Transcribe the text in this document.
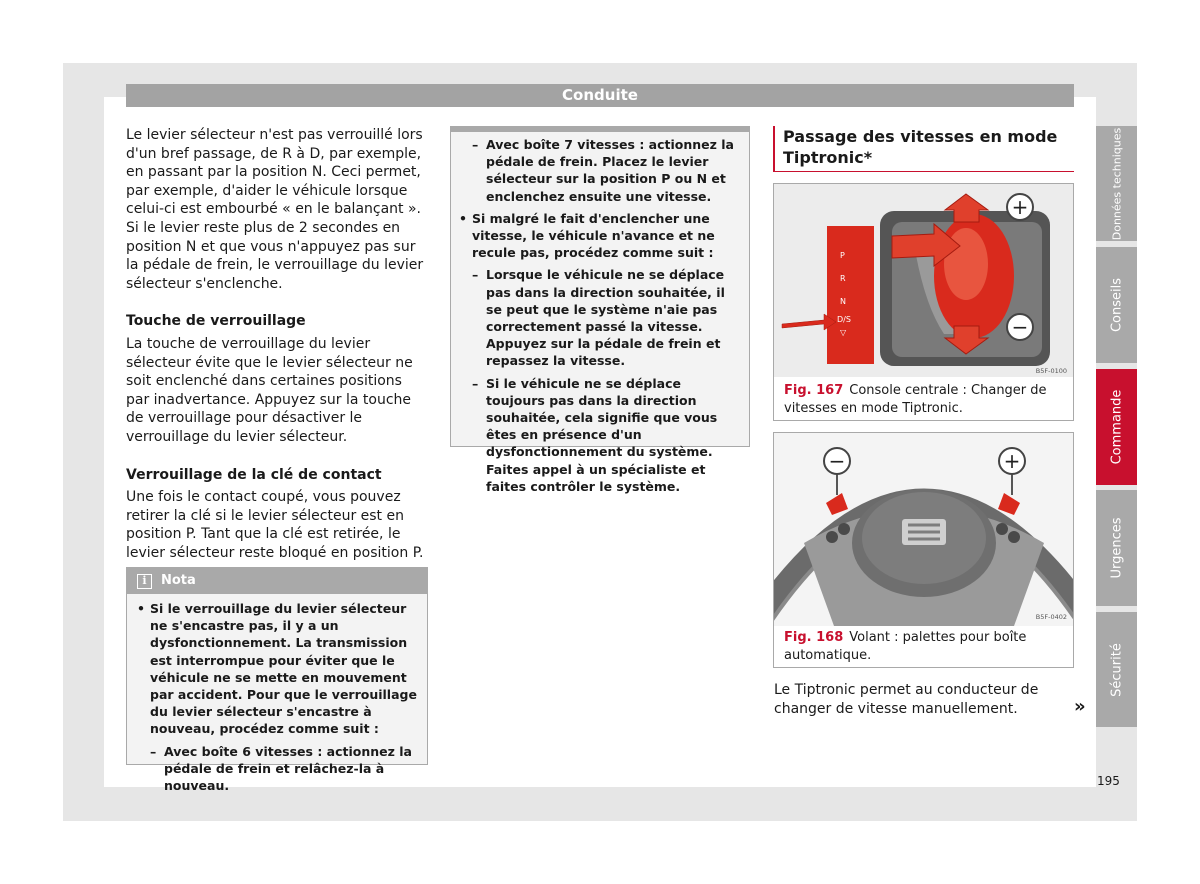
Conduite

Le levier sélecteur n'est pas verrouillé lors d'un bref passage, de R à D, par exemple, en passant par la position N. Ceci permet, par exemple, d'aider le véhicule lorsque celui-ci est embourbé « en le balançant ». Si le levier reste plus de 2 secondes en position N et que vous n'appuyez pas sur la pédale de frein, le verrouillage du levier sélecteur s'enclenche.

Touche de verrouillage

La touche de verrouillage du levier sélecteur évite que le levier sélecteur ne soit enclenché dans certaines positions par inadvertance. Appuyez sur la touche de verrouillage pour désactiver le verrouillage du levier sélecteur.

Verrouillage de la clé de contact

Une fois le contact coupé, vous pouvez retirer la clé si le levier sélecteur est en position P. Tant que la clé est retirée, le levier sélecteur reste bloqué en position P.

i	Nota
• Si le verrouillage du levier sélecteur ne s'encastre pas, il y a un dysfonctionnement. La transmission est interrompue pour éviter que le véhicule ne se mette en mouvement par accident. Pour que le verrouillage du levier sélecteur s'encastre à nouveau, procédez comme suit :
– Avec boîte 6 vitesses : actionnez la pédale de frein et relâchez-la à nouveau.
– Avec boîte 7 vitesses : actionnez la pédale de frein. Placez le levier sélecteur sur la position P ou N et enclenchez ensuite une vitesse.
• Si malgré le fait d'enclencher une vitesse, le véhicule n'avance et ne recule pas, procédez comme suit :
– Lorsque le véhicule ne se déplace pas dans la direction souhaitée, il se peut que le système n'aie pas correctement passé la vitesse. Appuyez sur la pédale de frein et repassez la vitesse.
– Si le véhicule ne se déplace toujours pas dans la direction souhaitée, cela signifie que vous êtes en présence d'un dysfonctionnement du système. Faites appel à un spécialiste et faites contrôler le système.
Passage des vitesses en mode Tiptronic*
P
R
N
D/S
▽
+
−
B5F-0100
Fig. 167 Console centrale : Changer de vitesses en mode Tiptronic.
−	+
B5F-0402
Fig. 168 Volant : palettes pour boîte automatique.
Le Tiptronic permet au conducteur de changer de vitesse manuellement.	»
Données techniques
Conseils
Commande
Urgences
Sécurité
195
